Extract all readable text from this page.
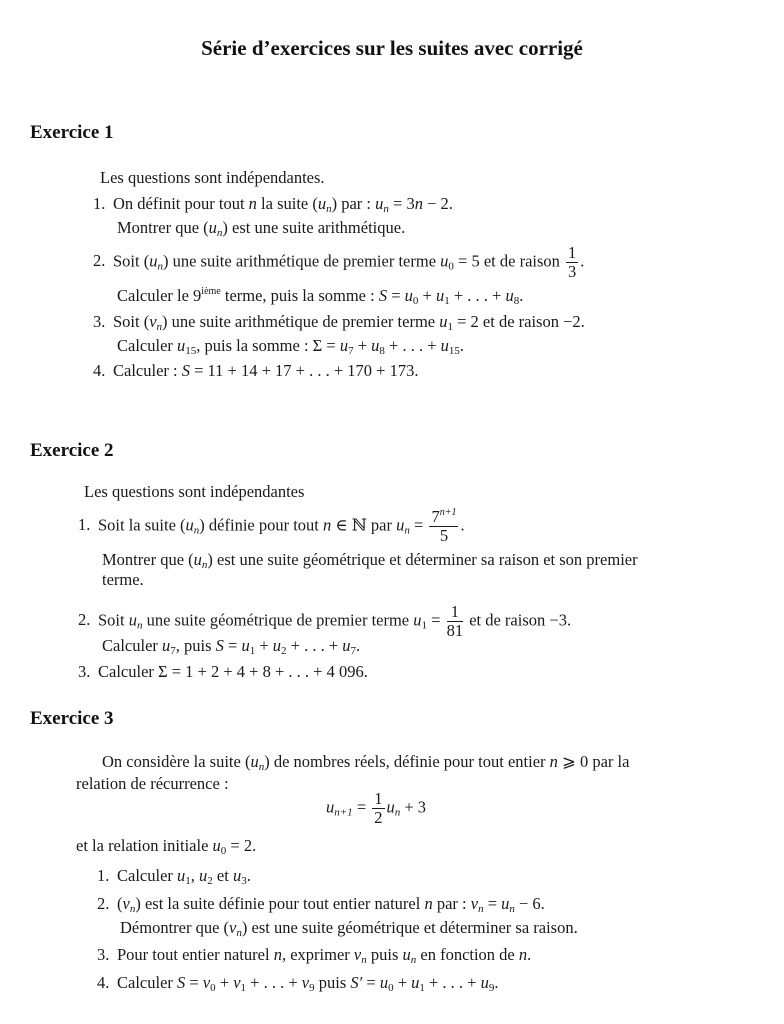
Série d’exercices sur les suites avec corrigé
Exercice 1
Les questions sont indépendantes.
1. On définit pour tout n la suite $(u_n)$ par : $u_n = 3n - 2$.
Montrer que $(u_n)$ est une suite arithmétique.
2. Soit $(u_n)$ une suite arithmétique de premier terme $u_0 = 5$ et de raison $\frac{1}{3}$ .
Calculer le 9ième terme, puis la somme : $S = u_0 + u_1$ + . . . + $u_8$.
3. Soit $(v_n)$ une suite arithmétique de premier terme $u_1 = 2$ et de raison −2.
Calculer $u_{15}$, puis la somme : $\Sigma = u_7 + u_8$ + . . . + $u_{15}$.
4. Calculer : S = 11 + 14 + 17 + . . . + 170 + 173.
Exercice 2
Les questions sont indépendantes
1. Soit la suite $(u_n)$ définie pour tout n ∈ ℕ par $u_n = \frac{7^{n+1}}{5}$ .
Montrer que $(u_n)$ est une suite géométrique et déterminer sa raison et son premier
terme.
2. Soit $u_n$ une suite géométrique de premier terme $u_1 = \frac{1}{81}$ et de raison −3.
Calculer $u_7$, puis $S = u_1 + u_2$ + . . . + $u_7$.
3. Calculer Σ = 1 + 2 + 4 + 8 + . . . + 4 096.
Exercice 3
On considère la suite $(u_n)$ de nombres réels, définie pour tout entier n ⩾ 0 par la
relation de récurrence :
$u_{n+1} = \frac{1}{2} u_n + 3$
et la relation initiale $u_0 = 2$.
1. Calculer $u_1$, $u_2$ et $u_3$.
2. $(v_n)$ est la suite définie pour tout entier naturel n par : $v_n = u_n - 6$.
Démontrer que $(v_n)$ est une suite géométrique et déterminer sa raison.
3. Pour tout entier naturel n, exprimer $v_n$ puis $u_n$ en fonction de n.
4. Calculer $S = v_0 + v_1$ + . . . + $v_9$ puis $S' = u_0 + u_1$ + . . . + $u_9$.
